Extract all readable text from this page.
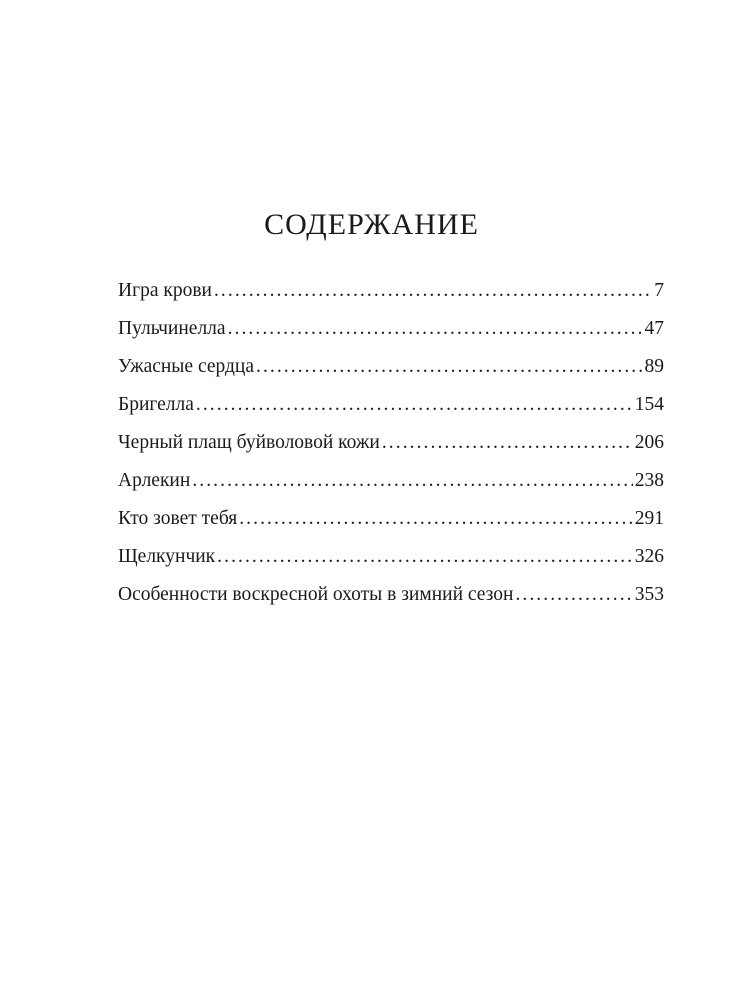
СОДЕРЖАНИЕ
Игра крови . . .	7
Пульчинелла . . .	47
Ужасные сердца . . .	89
Бригелла . . .	154
Черный плащ буйволовой кожи . . .	206
Арлекин . . .	238
Кто зовет тебя . . .	291
Щелкунчик . . .	326
Особенности воскресной охоты в зимний сезон . . .	353
